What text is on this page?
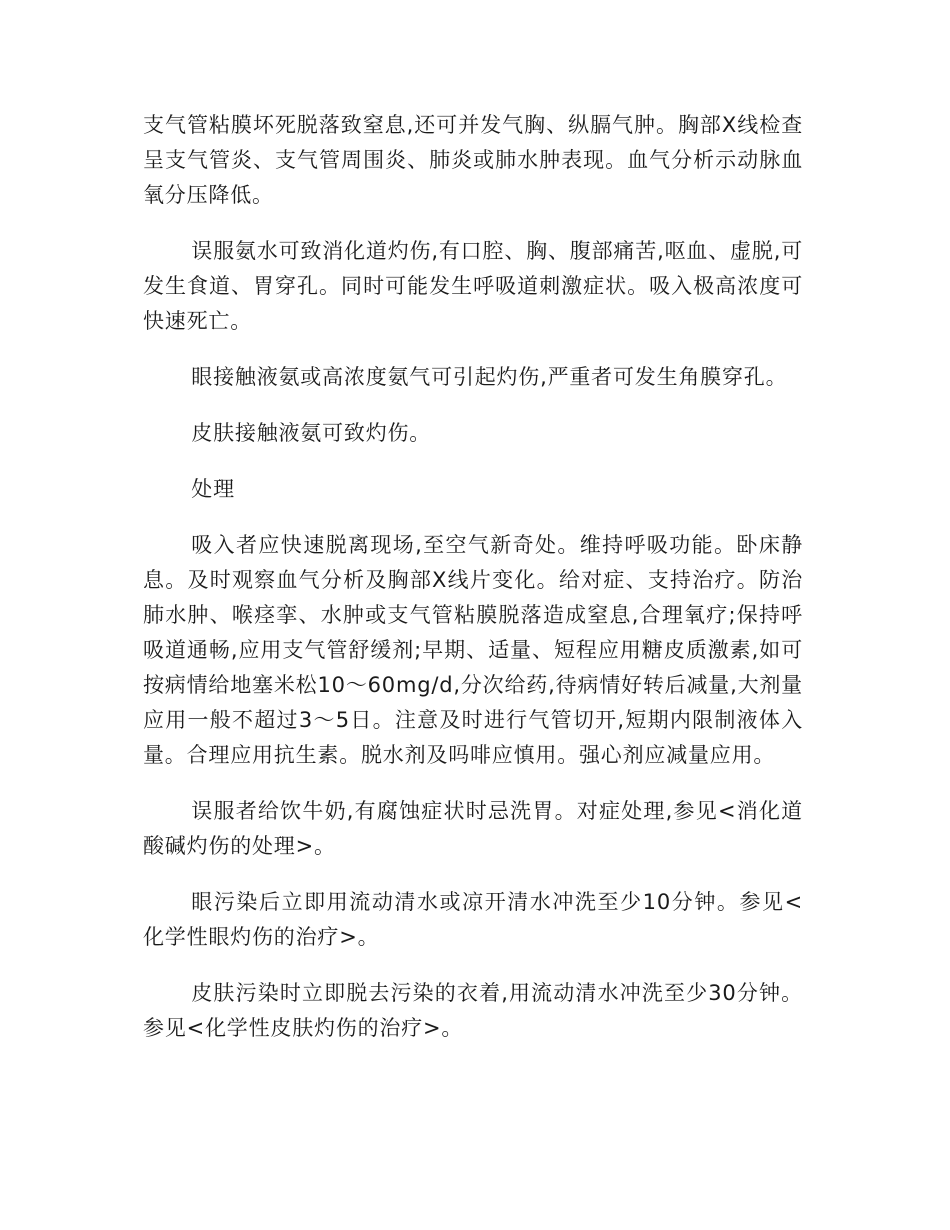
支气管粘膜坏死脱落致窒息,还可并发气胸、纵膈气肿。胸部X线检查呈支气管炎、支气管周围炎、肺炎或肺水肿表现。血气分析示动脉血氧分压降低。

误服氨水可致消化道灼伤,有口腔、胸、腹部痛苦,呕血、虚脱,可发生食道、胃穿孔。同时可能发生呼吸道刺激症状。吸入极高浓度可快速死亡。

眼接触液氨或高浓度氨气可引起灼伤,严重者可发生角膜穿孔。

皮肤接触液氨可致灼伤。

处理

吸入者应快速脱离现场,至空气新奇处。维持呼吸功能。卧床静息。及时观察血气分析及胸部X线片变化。给对症、支持治疗。防治肺水肿、喉痉挛、水肿或支气管粘膜脱落造成窒息,合理氧疗;保持呼吸道通畅,应用支气管舒缓剂;早期、适量、短程应用糖皮质激素,如可按病情给地塞米松10～60mg/d,分次给药,待病情好转后减量,大剂量应用一般不超过3～5日。注意及时进行气管切开,短期内限制液体入量。合理应用抗生素。脱水剂及吗啡应慎用。强心剂应减量应用。

误服者给饮牛奶,有腐蚀症状时忌洗胃。对症处理,参见<消化道酸碱灼伤的处理>。

眼污染后立即用流动清水或凉开清水冲洗至少10分钟。参见<化学性眼灼伤的治疗>。

皮肤污染时立即脱去污染的衣着,用流动清水冲洗至少30分钟。参见<化学性皮肤灼伤的治疗>。
